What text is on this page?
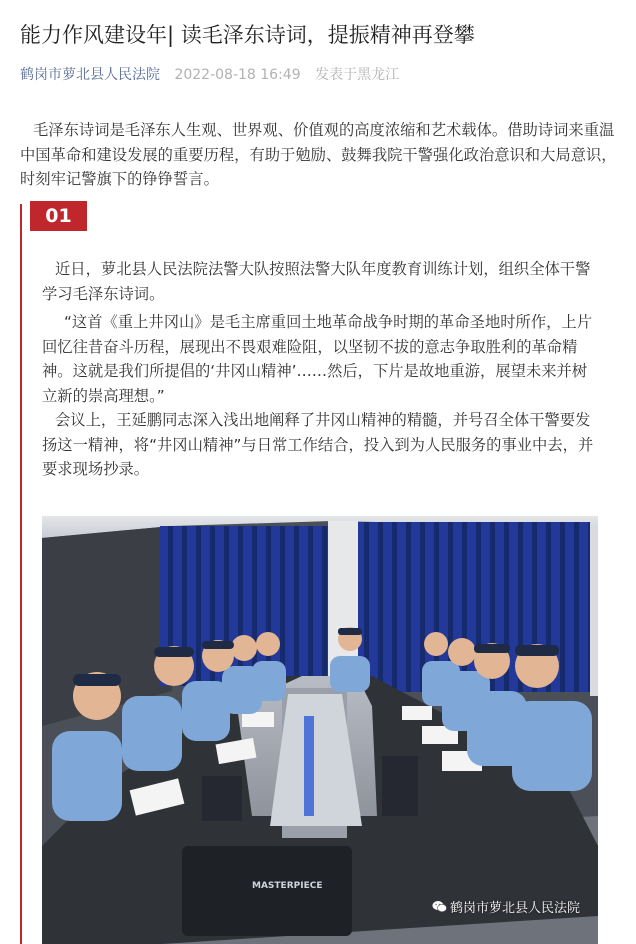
能力作风建设年| 读毛泽东诗词，提振精神再登攀
鹤岗市萝北县人民法院 2022-08-18 16:49 发表于黑龙江

毛泽东诗词是毛泽东人生观、世界观、价值观的高度浓缩和艺术载体。借助诗词来重温中国革命和建设发展的重要历程，有助于勉励、鼓舞我院干警强化政治意识和大局意识，时刻牢记警旗下的铮铮誓言。

01

近日，萝北县人民法院法警大队按照法警大队年度教育训练计划，组织全体干警学习毛泽东诗词。

“这首《重上井冈山》是毛主席重回土地革命战争时期的革命圣地时所作，上片回忆往昔奋斗历程，展现出不畏艰难险阻，以坚韧不拔的意志争取胜利的革命精神。这就是我们所提倡的‘井冈山精神’……然后，下片是故地重游，展望未来并树立新的崇高理想。”

会议上，王延鹏同志深入浅出地阐释了井冈山精神的精髓，并号召全体干警要发扬这一精神，将“井冈山精神”与日常工作结合，投入到为人民服务的事业中去，并要求现场抄录。

MASTERPIECE
鹤岗市萝北县人民法院
